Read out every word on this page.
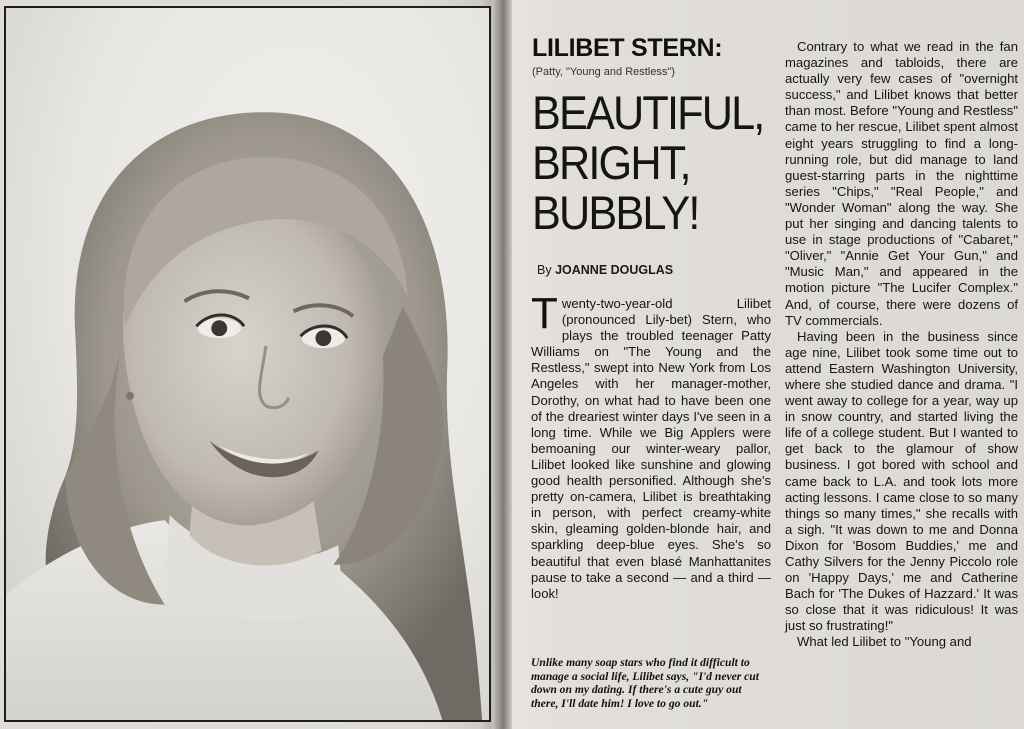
LILIBET STERN:

(Patty, "Young and Restless")

BEAUTIFUL,
BRIGHT,
BUBBLY!
By JOANNE DOUGLAS

Twenty-two-year-old Lilibet (pronounced Lily-bet) Stern, who plays the troubled teenager Patty Williams on "The Young and the Restless," swept into New York from Los Angeles with her manager-mother, Dorothy, on what had to have been one of the dreariest winter days I've seen in a long time. While we Big Applers were bemoaning our winter-weary pallor, Lilibet looked like sunshine and glowing good health personified. Although she's pretty on-camera, Lilibet is breathtaking in person, with perfect creamy-white skin, gleaming golden-blonde hair, and sparkling deep-blue eyes. She's so beautiful that even blasé Manhattanites pause to take a second — and a third — look!

Unlike many soap stars who find it difficult to manage a social life, Lilibet says, "I'd never cut down on my dating. If there's a cute guy out there, I'll date him! I love to go out."

Contrary to what we read in the fan magazines and tabloids, there are actually very few cases of "overnight success," and Lilibet knows that better than most. Before "Young and Restless" came to her rescue, Lilibet spent almost eight years struggling to find a long-running role, but did manage to land guest-starring parts in the nighttime series "Chips," "Real People," and "Wonder Woman" along the way. She put her singing and dancing talents to use in stage productions of "Cabaret," "Oliver," "Annie Get Your Gun," and "Music Man," and appeared in the motion picture "The Lucifer Complex." And, of course, there were dozens of TV commercials.

Having been in the business since age nine, Lilibet took some time out to attend Eastern Washington University, where she studied dance and drama. "I went away to college for a year, way up in snow country, and started living the life of a college student. But I wanted to get back to the glamour of show business. I got bored with school and came back to L.A. and took lots more acting lessons. I came close to so many things so many times," she recalls with a sigh. "It was down to me and Donna Dixon for 'Bosom Buddies,' me and Cathy Silvers for the Jenny Piccolo role on 'Happy Days,' me and Catherine Bach for 'The Dukes of Hazzard.' It was so close that it was ridiculous! It was just so frustrating!"

What led Lilibet to "Young and
